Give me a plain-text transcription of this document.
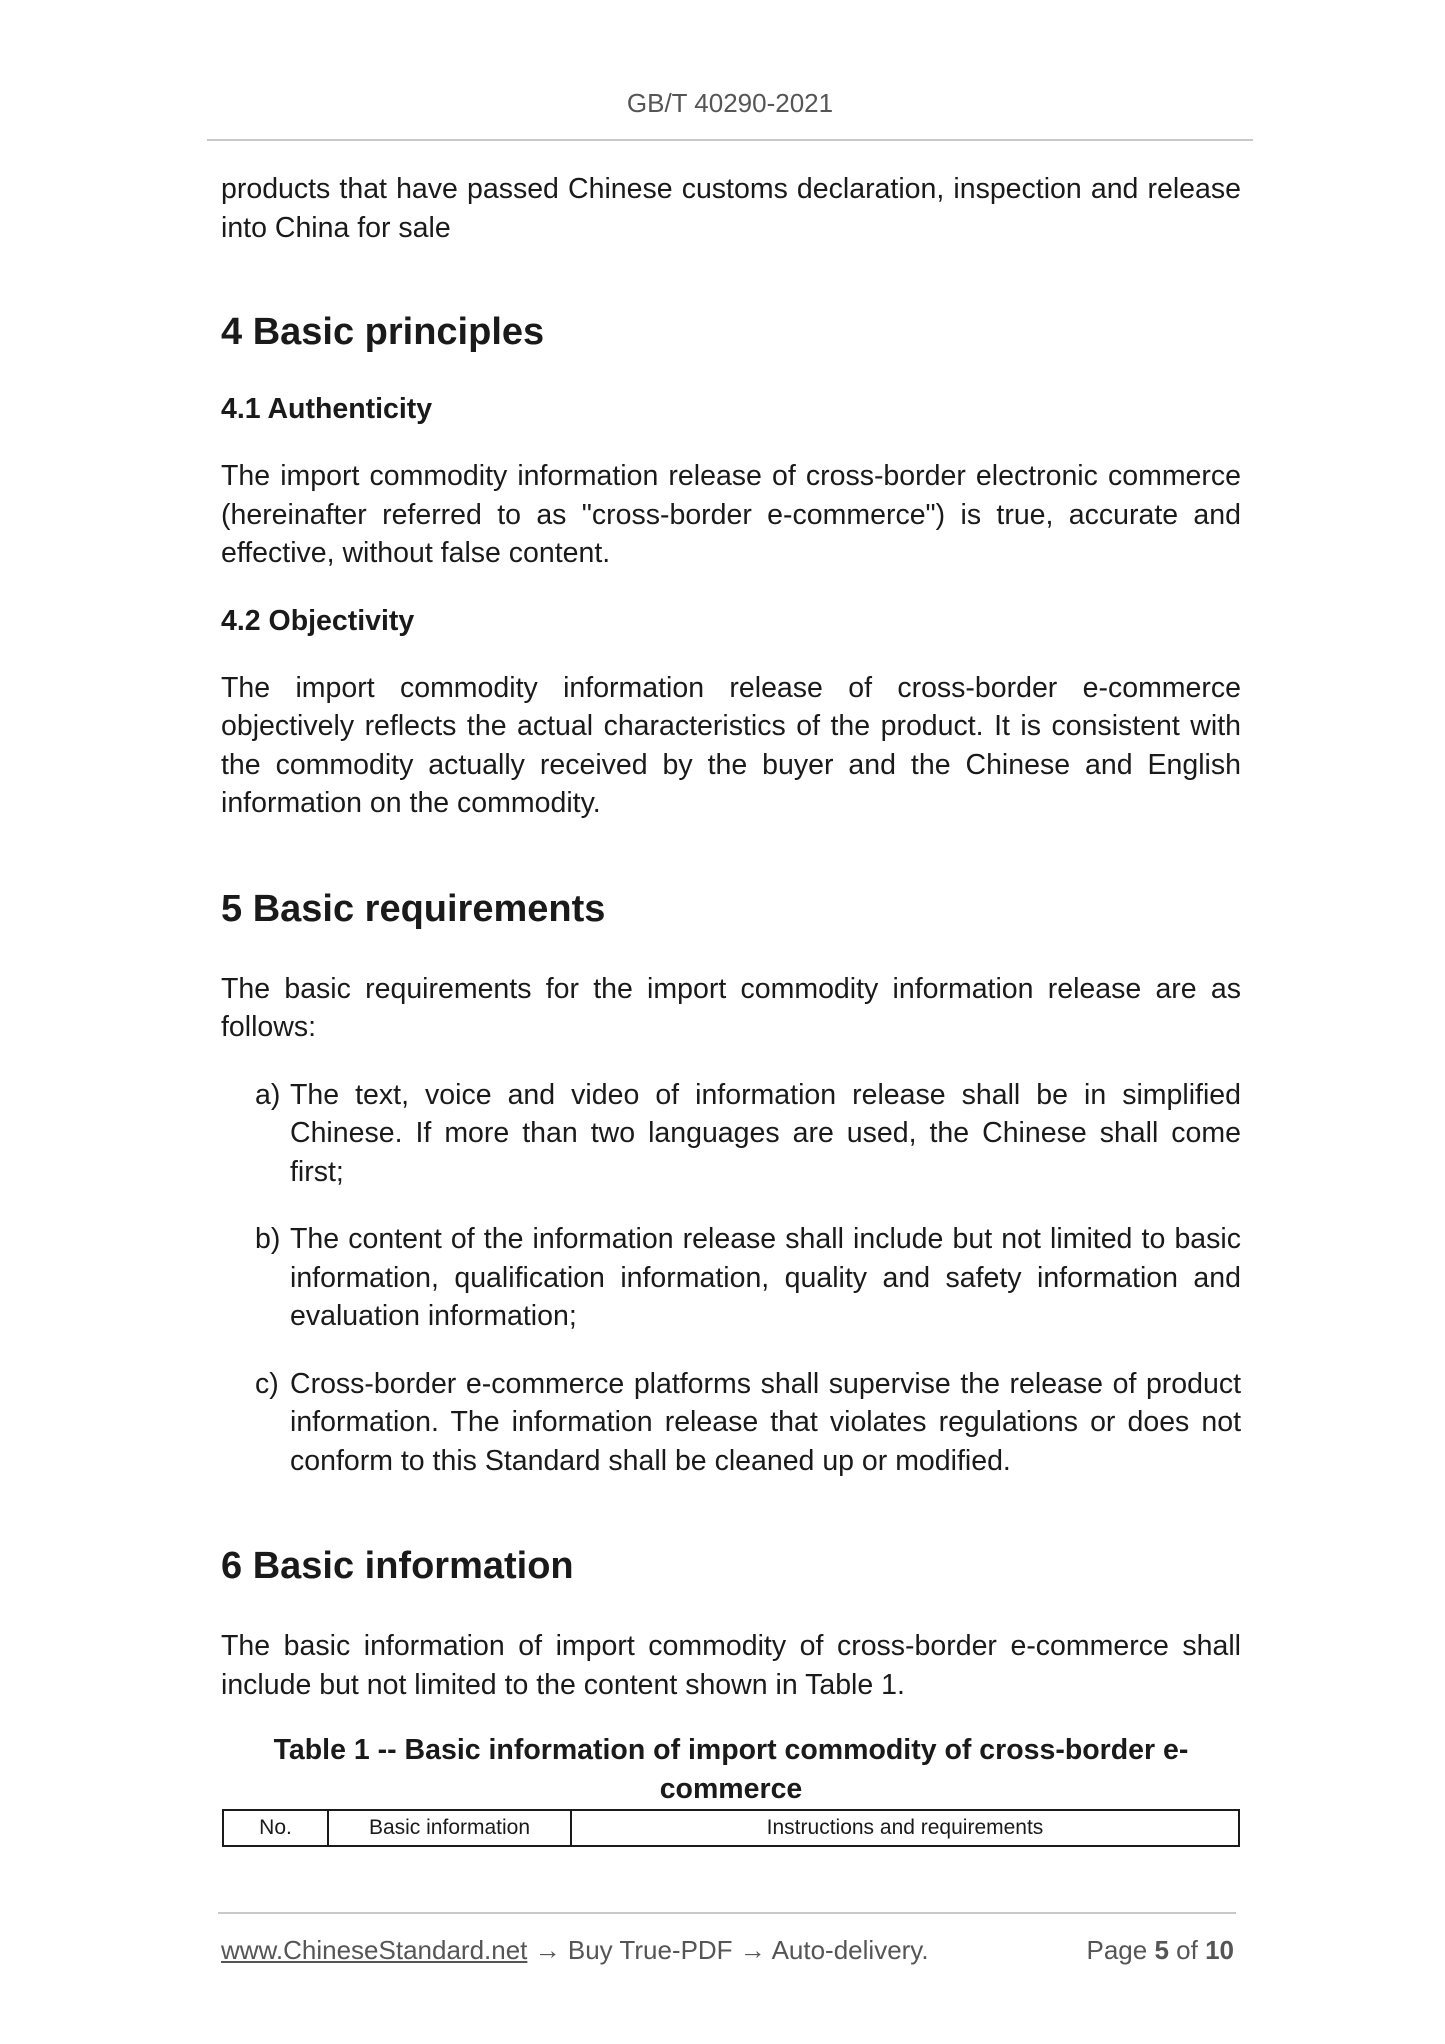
GB/T 40290-2021

products that have passed Chinese customs declaration, inspection and release into China for sale

4 Basic principles
4.1 Authenticity

The import commodity information release of cross-border electronic commerce (hereinafter referred to as "cross-border e-commerce") is true, accurate and effective, without false content.

4.2 Objectivity

The import commodity information release of cross-border e-commerce objectively reflects the actual characteristics of the product. It is consistent with the commodity actually received by the buyer and the Chinese and English information on the commodity.

5 Basic requirements

The basic requirements for the import commodity information release are as follows:

a) The text, voice and video of information release shall be in simplified Chinese. If more than two languages are used, the Chinese shall come first;
b) The content of the information release shall include but not limited to basic information, qualification information, quality and safety information and evaluation information;
c) Cross-border e-commerce platforms shall supervise the release of product information. The information release that violates regulations or does not conform to this Standard shall be cleaned up or modified.
6 Basic information

The basic information of import commodity of cross-border e-commerce shall include but not limited to the content shown in Table 1.

Table 1 -- Basic information of import commodity of cross-border e-commerce
No.	Basic information	Instructions and requirements
www.ChineseStandard.net → Buy True-PDF → Auto-delivery.	Page 5 of 10
